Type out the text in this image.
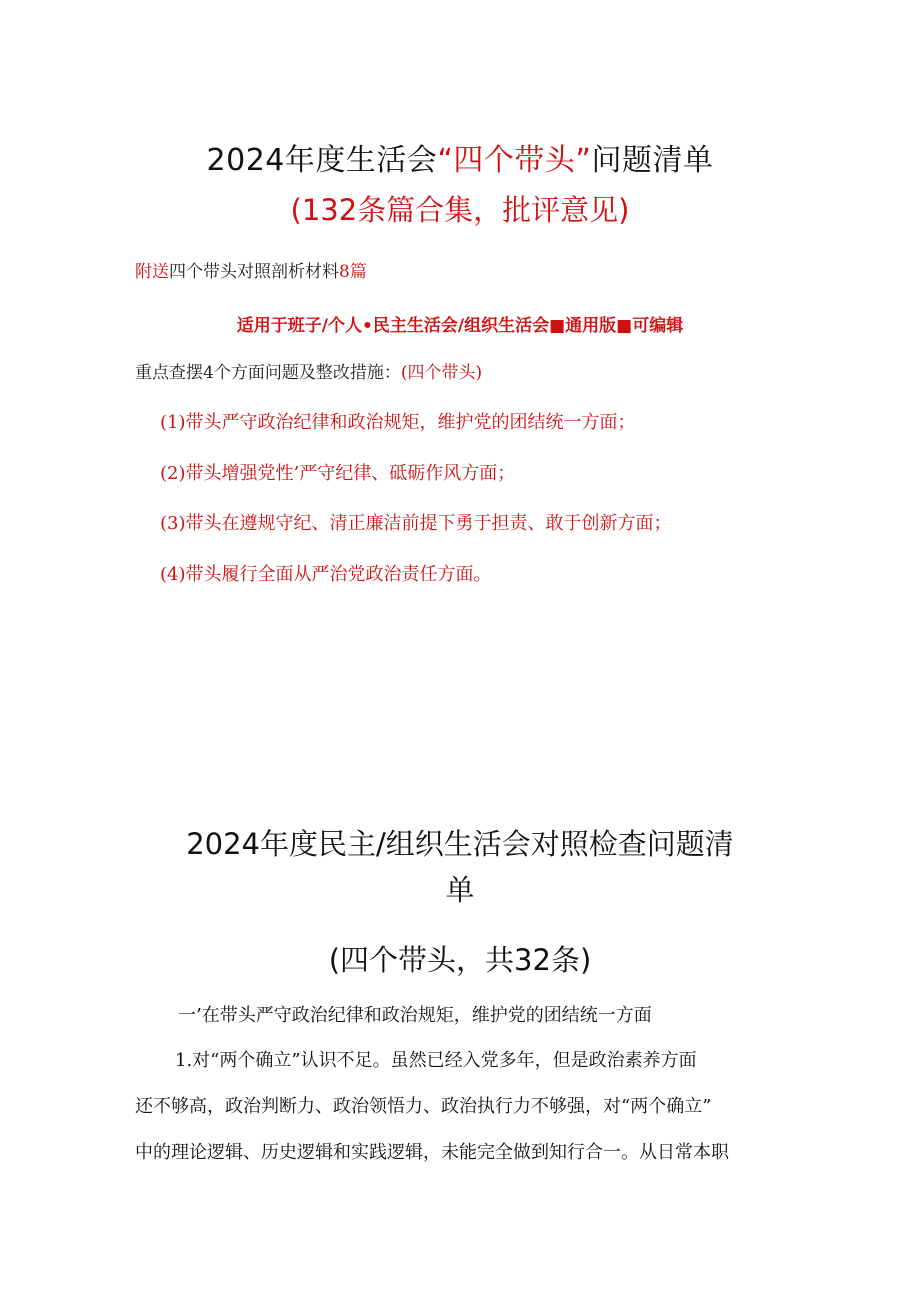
2024年度生活会“四个带头”问题清单
(132条篇合集，批评意见)
附送四个带头对照剖析材料8篇
适用于班子/个人•民主生活会/组织生活会■通用版■可编辑
重点查摆4个方面问题及整改措施：(四个带头)
(1)带头严守政治纪律和政治规矩，维护党的团结统一方面；
(2)带头增强党性’严守纪律、砥砺作风方面；
(3)带头在遵规守纪、清正廉洁前提下勇于担责、敢于创新方面；
(4)带头履行全面从严治党政治责任方面。
2024年度民主/组织生活会对照检查问题清
单
(四个带头，共32条)
一’在带头严守政治纪律和政治规矩，维护党的团结统一方面
1.对“两个确立”认识不足。虽然已经入党多年，但是政治素养方面
还不够高，政治判断力、政治领悟力、政治执行力不够强，对“两个确立”
中的理论逻辑、历史逻辑和实践逻辑，未能完全做到知行合一。从日常本职
